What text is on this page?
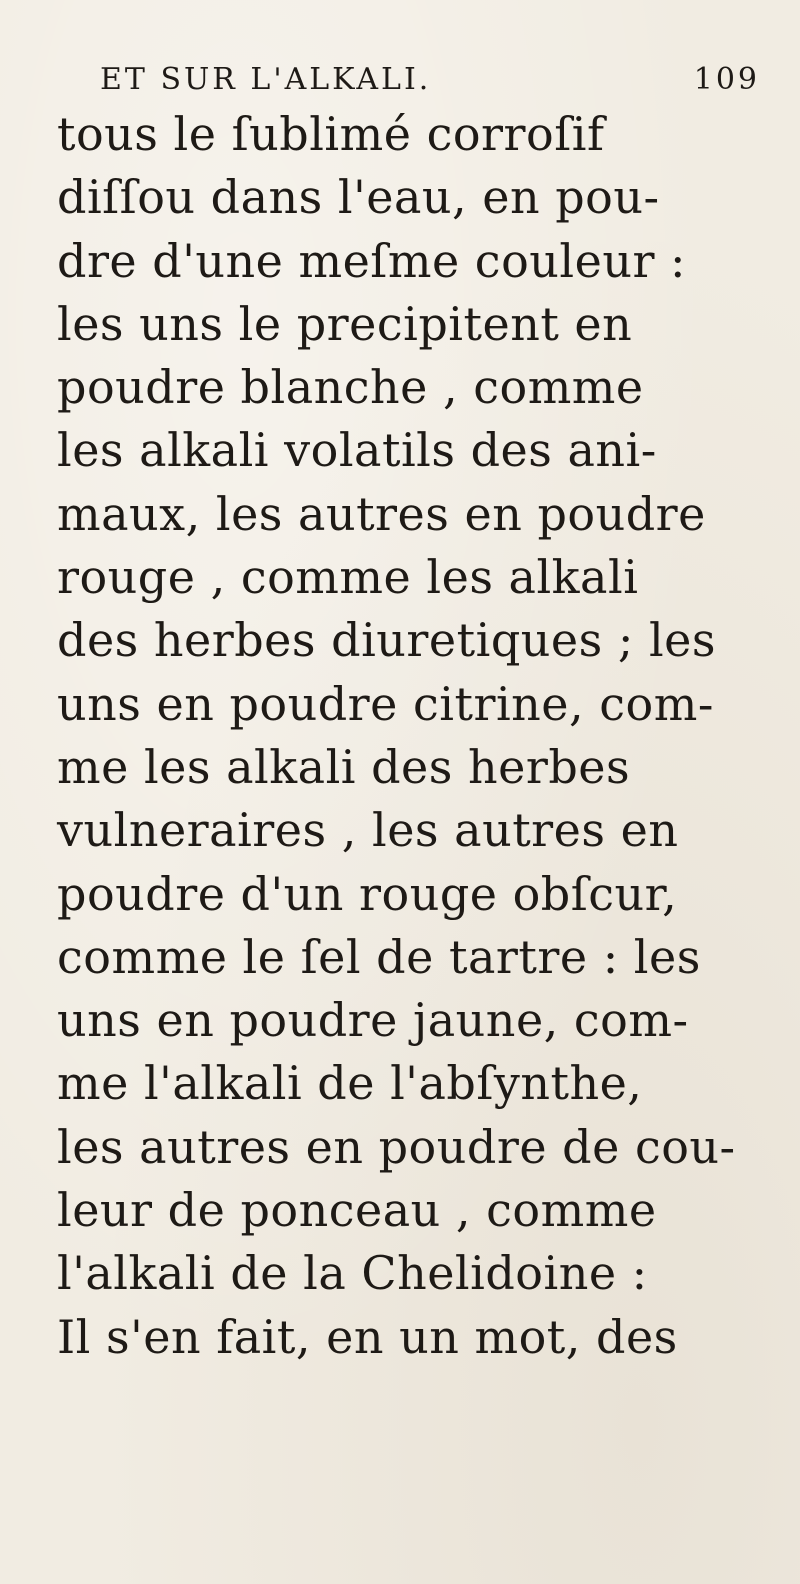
ET SUR L'ALKALI.	109
tous le ſublimé corroſif
diſſou dans l'eau, en pou-
dre d'une meſme couleur :
les uns le precipitent en
poudre blanche , comme
les alkali volatils des ani-
maux, les autres en poudre
rouge , comme les alkali
des herbes diuretiques ; les
uns en poudre citrine, com-
me les alkali des herbes
vulneraires , les autres en
poudre d'un rouge obſcur,
comme le ſel de tartre : les
uns en poudre jaune, com-
me l'alkali de l'abſynthe,
les autres en poudre de cou-
leur de ponceau , comme
l'alkali de la Chelidoine :
Il s'en fait, en un mot, des
